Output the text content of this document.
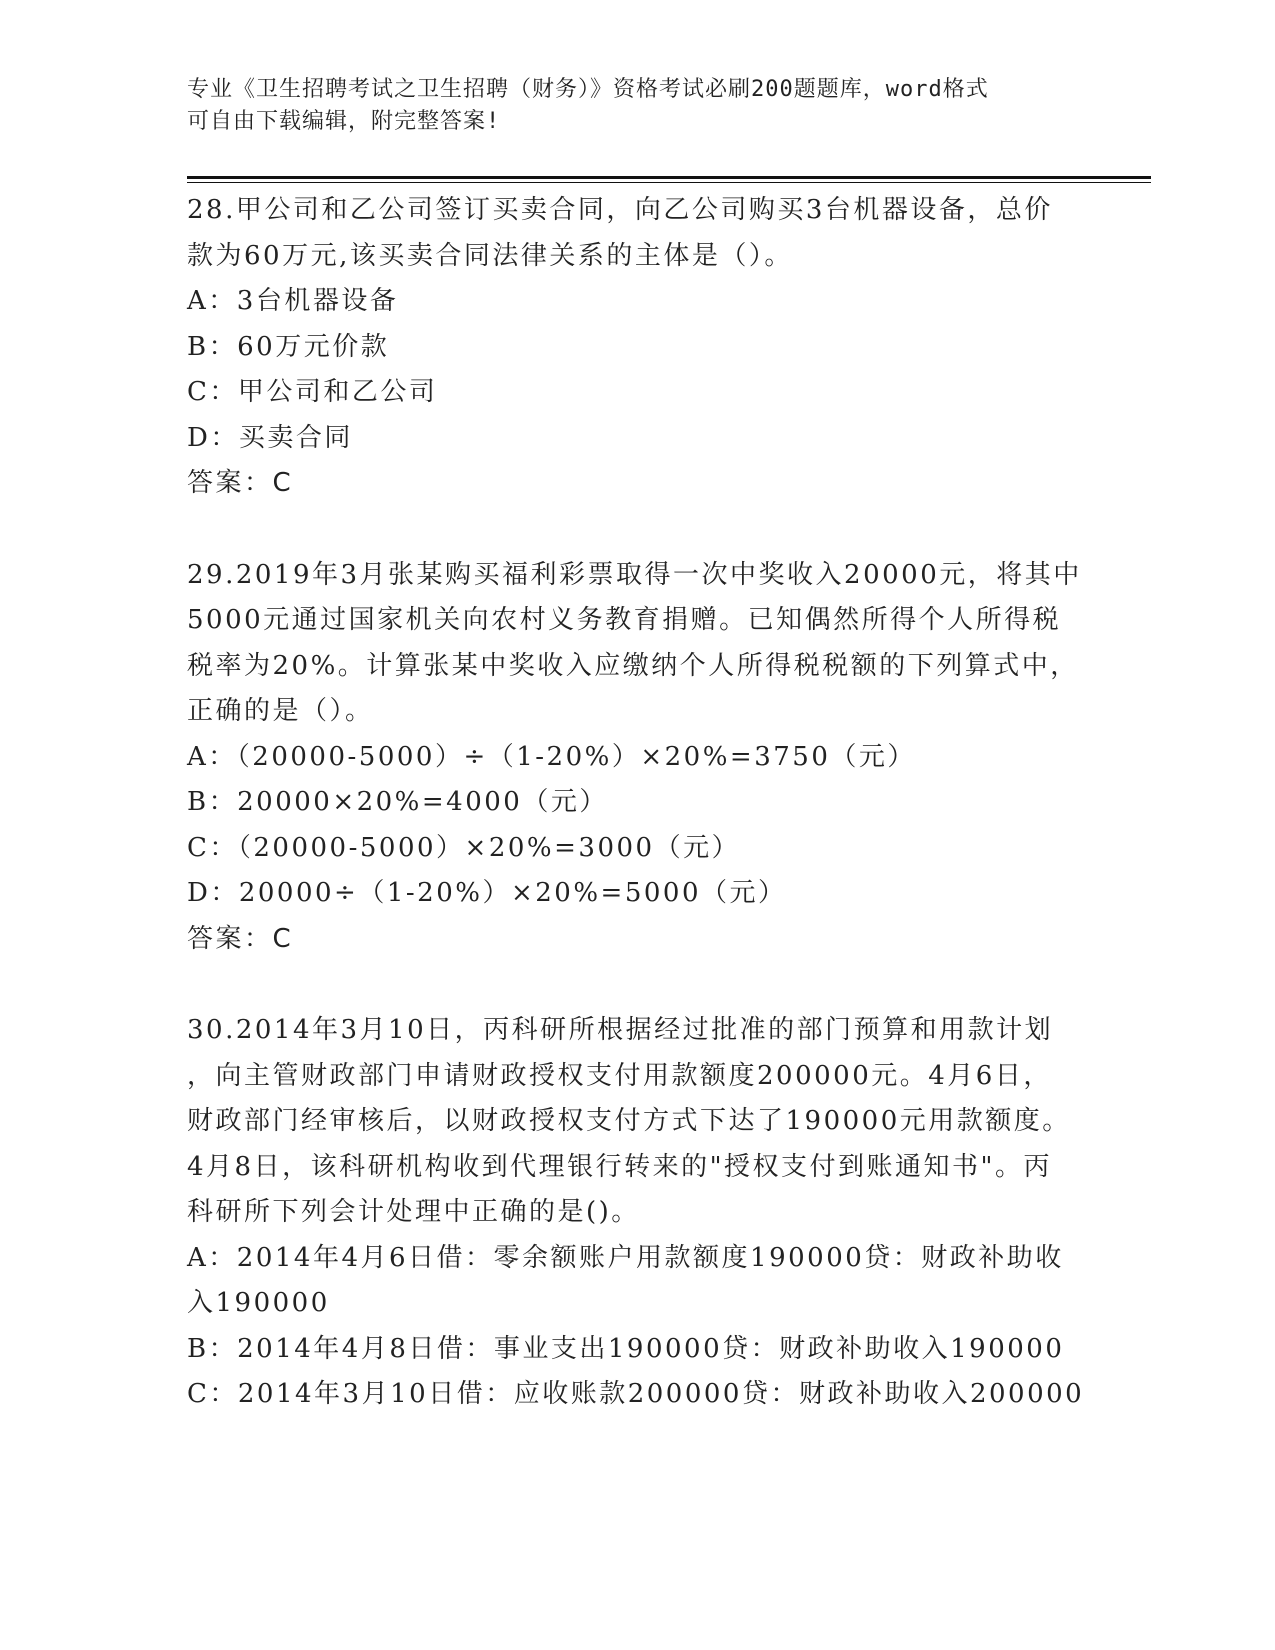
专业《卫生招聘考试之卫生招聘（财务）》资格考试必刷200题题库，word格式
可自由下载编辑，附完整答案!
28.甲公司和乙公司签订买卖合同，向乙公司购买3台机器设备，总价
款为60万元,该买卖合同法律关系的主体是（）。
A：3台机器设备
B：60万元价款
C：甲公司和乙公司
D：买卖合同
答案：C
29.2019年3月张某购买福利彩票取得一次中奖收入20000元，将其中
5000元通过国家机关向农村义务教育捐赠。已知偶然所得个人所得税
税率为20%。计算张某中奖收入应缴纳个人所得税税额的下列算式中，
正确的是（）。
A：（20000-5000）÷（1-20%）×20%=3750（元）
B：20000×20%=4000（元）
C：（20000-5000）×20%=3000（元）
D：20000÷（1-20%）×20%=5000（元）
答案：C
30.2014年3月10日，丙科研所根据经过批准的部门预算和用款计划
，向主管财政部门申请财政授权支付用款额度200000元。4月6日，
财政部门经审核后，以财政授权支付方式下达了190000元用款额度。
4月8日，该科研机构收到代理银行转来的"授权支付到账通知书"。丙
科研所下列会计处理中正确的是()。
A：2014年4月6日借：零余额账户用款额度190000贷：财政补助收
入190000
B：2014年4月8日借：事业支出190000贷：财政补助收入190000
C：2014年3月10日借：应收账款200000贷：财政补助收入200000
